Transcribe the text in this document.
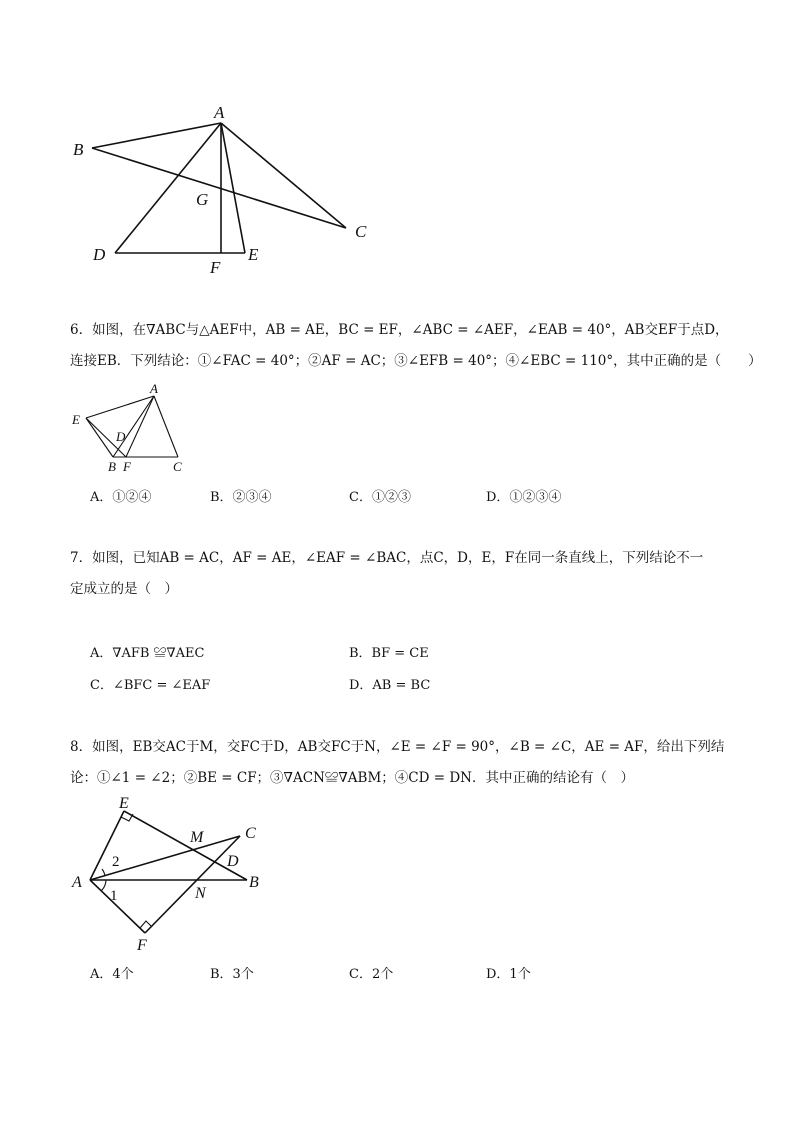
A
B
C
D	E
F
G
6．如图，在∇ABC与△AEF中，AB = AE，BC = EF，∠ABC = ∠AEF，∠EAB = 40°，AB交EF于点D，
连接EB．下列结论：①∠FAC = 40°；②AF = AC；③∠EFB = 40°；④∠EBC = 110°，其中正确的是（　　）
A
E
D
B F	C
A．①②④	B．②③④	C．①②③	D．①②③④
7．如图，已知AB = AC，AF = AE，∠EAF = ∠BAC，点C，D，E，F在同一条直线上，下列结论不一
定成立的是（　）
A．∇AFB ≌∇AEC	B．BF = CE
C．∠BFC = ∠EAF	D．AB = BC
8．如图，EB交AC于M，交FC于D，AB交FC于N，∠E = ∠F = 90°，∠B = ∠C，AE = AF，给出下列结
论：①∠1 = ∠2；②BE = CF；③∇ACN≌∇ABM；④CD = DN．其中正确的结论有（　）
E
M	C
A
D
B
N
F
1
2
A．4个	B．3个	C．2个	D．1个
